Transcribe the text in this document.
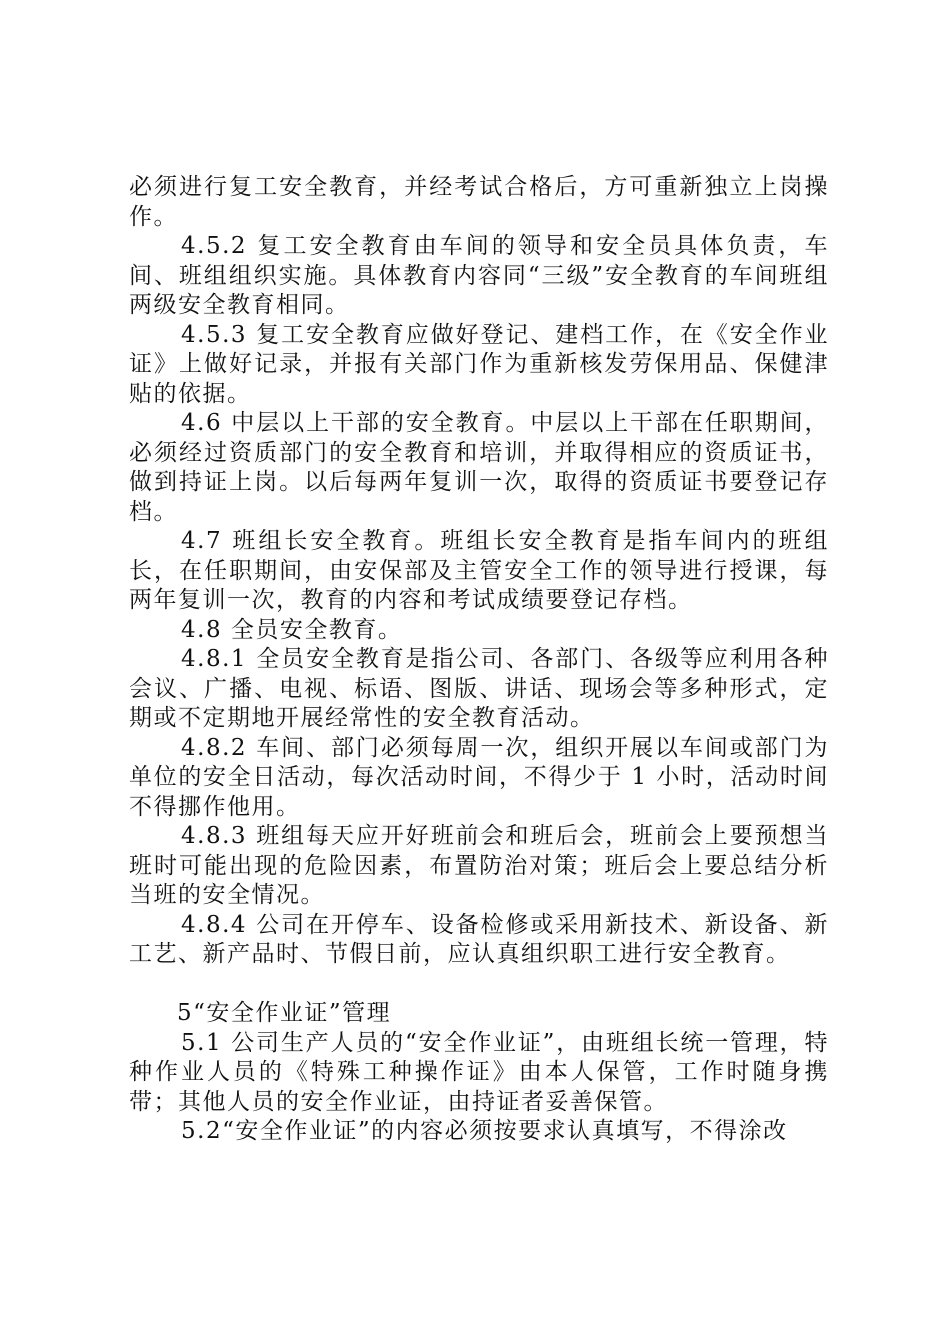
必须进行复工安全教育，并经考试合格后，方可重新独立上岗操作。

4.5.2 复工安全教育由车间的领导和安全员具体负责，车间、班组组织实施。具体教育内容同“三级”安全教育的车间班组两级安全教育相同。

4.5.3 复工安全教育应做好登记、建档工作，在《安全作业证》上做好记录，并报有关部门作为重新核发劳保用品、保健津贴的依据。

4.6 中层以上干部的安全教育。中层以上干部在任职期间，必须经过资质部门的安全教育和培训，并取得相应的资质证书，做到持证上岗。以后每两年复训一次，取得的资质证书要登记存档。

4.7 班组长安全教育。班组长安全教育是指车间内的班组长，在任职期间，由安保部及主管安全工作的领导进行授课，每两年复训一次，教育的内容和考试成绩要登记存档。

4.8 全员安全教育。

4.8.1 全员安全教育是指公司、各部门、各级等应利用各种会议、广播、电视、标语、图版、讲话、现场会等多种形式，定期或不定期地开展经常性的安全教育活动。

4.8.2 车间、部门必须每周一次，组织开展以车间或部门为单位的安全日活动，每次活动时间，不得少于 1 小时，活动时间不得挪作他用。

4.8.3 班组每天应开好班前会和班后会，班前会上要预想当班时可能出现的危险因素，布置防治对策；班后会上要总结分析当班的安全情况。

4.8.4 公司在开停车、设备检修或采用新技术、新设备、新工艺、新产品时、节假日前，应认真组织职工进行安全教育。

5“安全作业证”管理

5.1 公司生产人员的“安全作业证”，由班组长统一管理，特种作业人员的《特殊工种操作证》由本人保管，工作时随身携带；其他人员的安全作业证，由持证者妥善保管。

5.2“安全作业证”的内容必须按要求认真填写，不得涂改
